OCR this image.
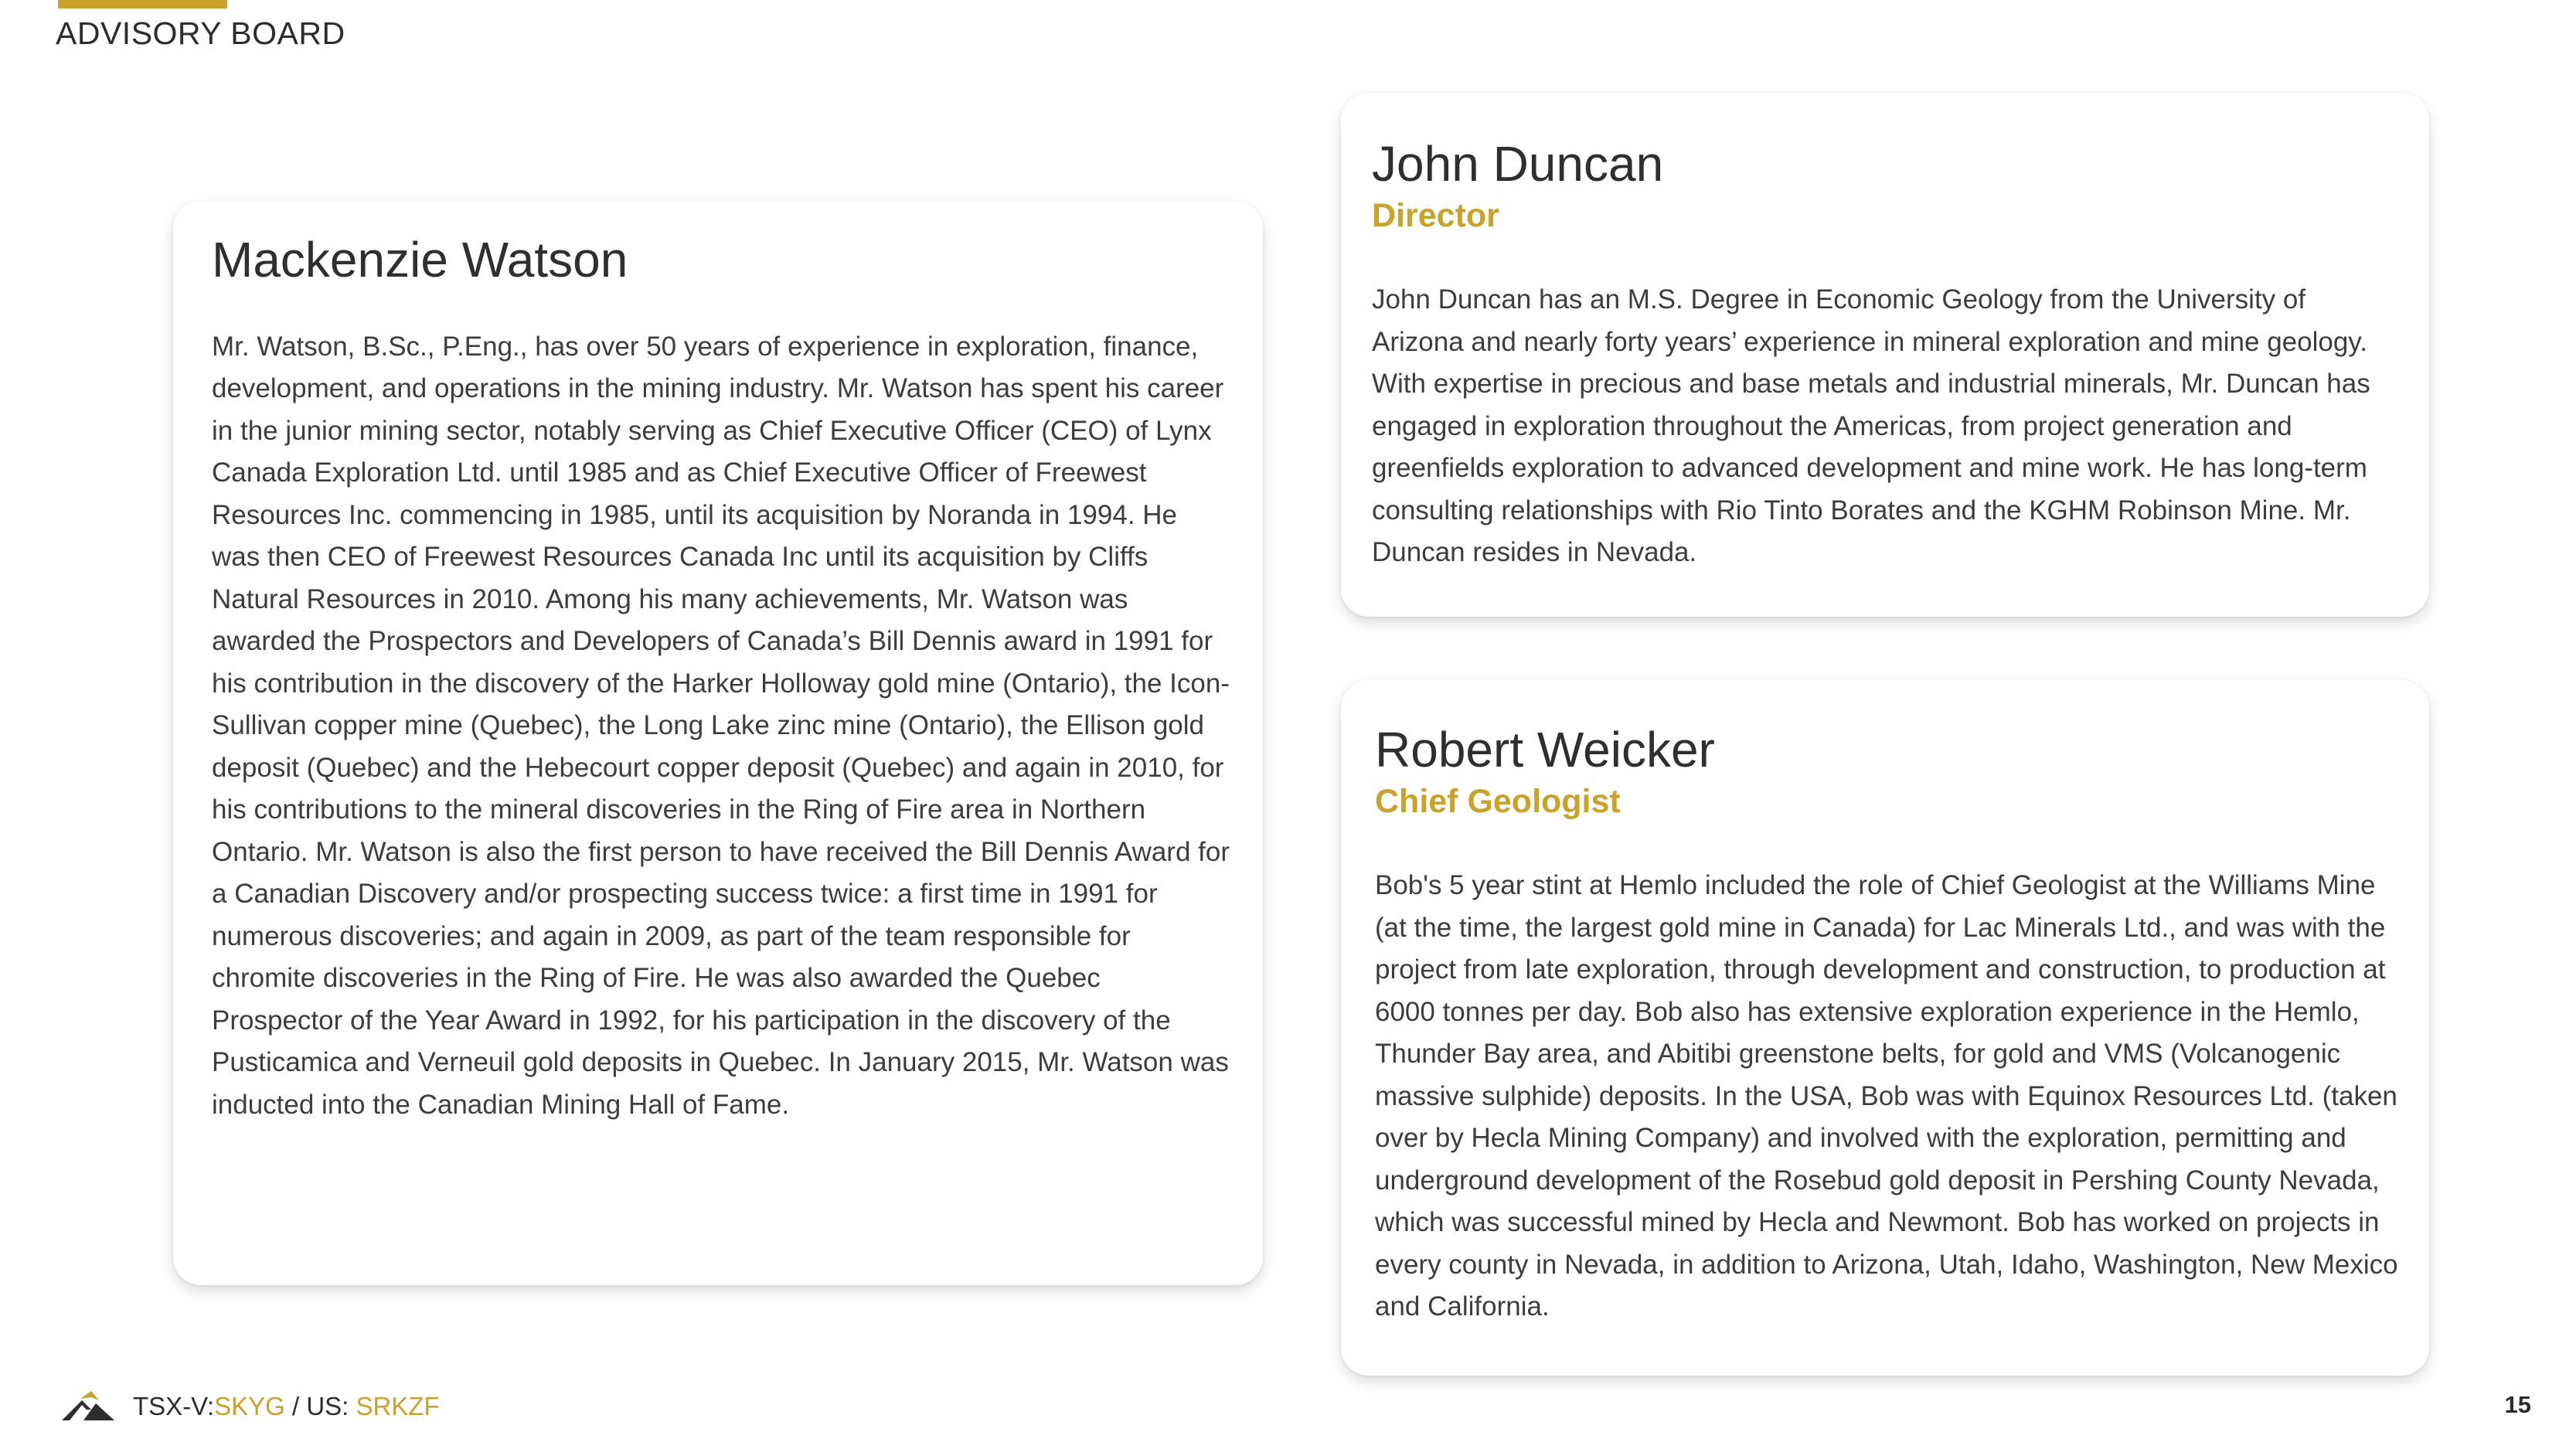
ADVISORY BOARD
Mackenzie Watson

Mr. Watson, B.Sc., P.Eng., has over 50 years of experience in exploration, finance, development, and operations in the mining industry. Mr. Watson has spent his career in the junior mining sector, notably serving as Chief Executive Officer (CEO) of Lynx Canada Exploration Ltd. until 1985 and as Chief Executive Officer of Freewest Resources Inc. commencing in 1985, until its acquisition by Noranda in 1994. He was then CEO of Freewest Resources Canada Inc until its acquisition by Cliffs Natural Resources in 2010. Among his many achievements, Mr. Watson was awarded the Prospectors and Developers of Canada’s Bill Dennis award in 1991 for his contribution in the discovery of the Harker Holloway gold mine (Ontario), the Icon-Sullivan copper mine (Quebec), the Long Lake zinc mine (Ontario), the Ellison gold deposit (Quebec) and the Hebecourt copper deposit (Quebec) and again in 2010, for his contributions to the mineral discoveries in the Ring of Fire area in Northern Ontario. Mr. Watson is also the first person to have received the Bill Dennis Award for a Canadian Discovery and/or prospecting success twice: a first time in 1991 for numerous discoveries; and again in 2009, as part of the team responsible for chromite discoveries in the Ring of Fire. He was also awarded the Quebec Prospector of the Year Award in 1992, for his participation in the discovery of the Pusticamica and Verneuil gold deposits in Quebec. In January 2015, Mr. Watson was inducted into the Canadian Mining Hall of Fame.

John Duncan
Director

John Duncan has an M.S. Degree in Economic Geology from the University of Arizona and nearly forty years’ experience in mineral exploration and mine geology. With expertise in precious and base metals and industrial minerals, Mr. Duncan has engaged in exploration throughout the Americas, from project generation and greenfields exploration to advanced development and mine work. He has long-term consulting relationships with Rio Tinto Borates and the KGHM Robinson Mine. Mr. Duncan resides in Nevada.

Robert Weicker
Chief Geologist

Bob's 5 year stint at Hemlo included the role of Chief Geologist at the Williams Mine (at the time, the largest gold mine in Canada) for Lac Minerals Ltd., and was with the project from late exploration, through development and construction, to production at 6000 tonnes per day. Bob also has extensive exploration experience in the Hemlo, Thunder Bay area, and Abitibi greenstone belts, for gold and VMS (Volcanogenic massive sulphide) deposits. In the USA, Bob was with Equinox Resources Ltd. (taken over by Hecla Mining Company) and involved with the exploration, permitting and underground development of the Rosebud gold deposit in Pershing County Nevada, which was successful mined by Hecla and Newmont. Bob has worked on projects in every county in Nevada, in addition to Arizona, Utah, Idaho, Washington, New Mexico and California.

TSX-V: SKYG / US: SRKZF	15
